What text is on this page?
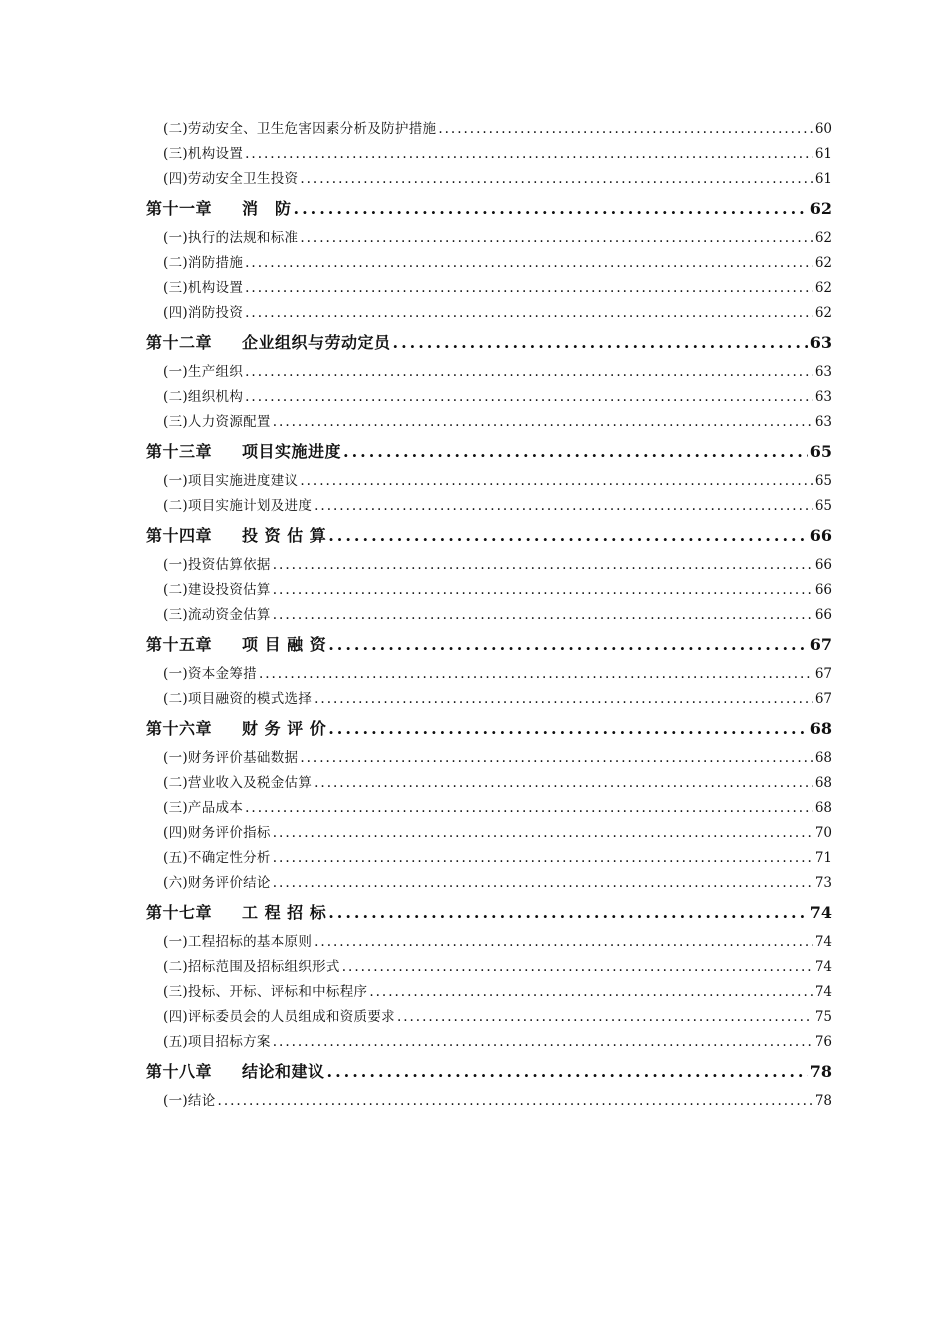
(二)劳动安全、卫生危害因素分析及防护措施 .....	60
(三)机构设置 .....	61
(四)劳动安全卫生投资 .....	61
第十一章 消　防 .....	62
(一)执行的法规和标准 .....	62
(二)消防措施 .....	62
(三)机构设置 .....	62
(四)消防投资 .....	62
第十二章 企业组织与劳动定员 .....	63
(一)生产组织 .....	63
(二)组织机构 .....	63
(三)人力资源配置 .....	63
第十三章 项目实施进度 .....	65
(一)项目实施进度建议 .....	65
(二)项目实施计划及进度 .....	65
第十四章 投 资 估 算 .....	66
(一)投资估算依据 .....	66
(二)建设投资估算 .....	66
(三)流动资金估算 .....	66
第十五章 项 目 融 资 .....	67
(一)资本金筹措 .....	67
(二)项目融资的模式选择 .....	67
第十六章 财 务 评 价 .....	68
(一)财务评价基础数据 .....	68
(二)营业收入及税金估算 .....	68
(三)产品成本 .....	68
(四)财务评价指标 .....	70
(五)不确定性分析 .....	71
(六)财务评价结论 .....	73
第十七章 工 程 招 标 .....	74
(一)工程招标的基本原则 .....	74
(二)招标范围及招标组织形式 .....	74
(三)投标、开标、评标和中标程序 .....	74
(四)评标委员会的人员组成和资质要求 .....	75
(五)项目招标方案 .....	76
第十八章 结论和建议 .....	78
(一)结论 .....	78
